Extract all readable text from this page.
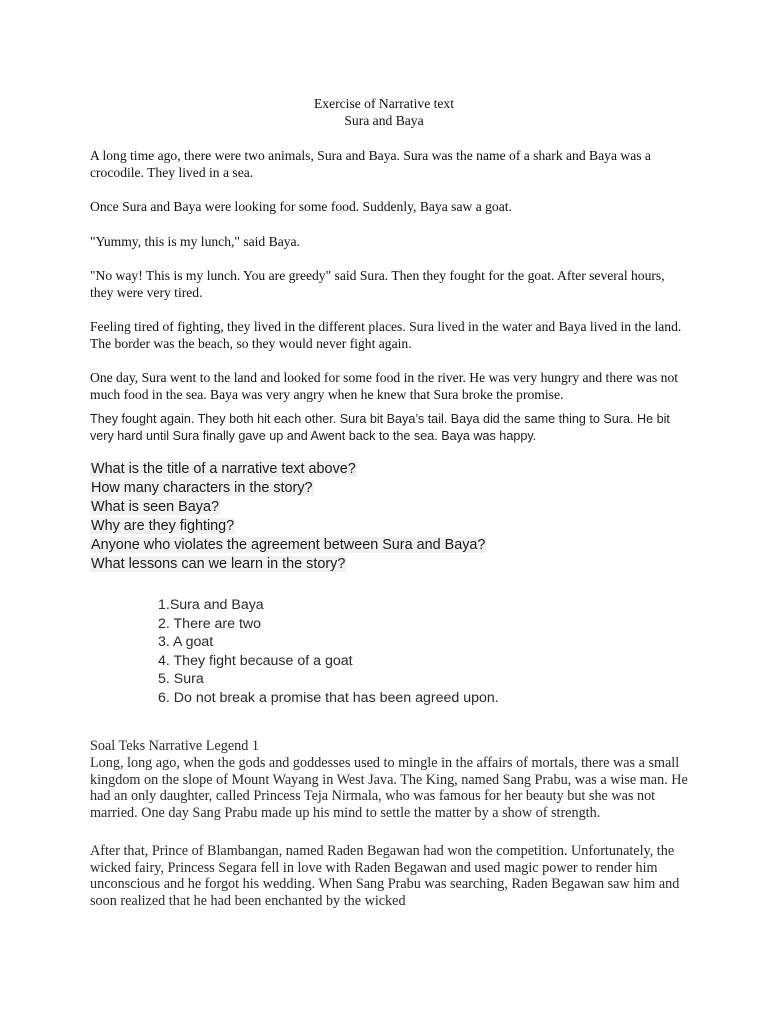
Exercise of Narrative text
Sura and Baya

A long time ago, there were two animals, Sura and Baya. Sura was the name of a shark and Baya was a crocodile. They lived in a sea.

Once Sura and Baya were looking for some food. Suddenly, Baya saw a goat.

"Yummy, this is my lunch," said Baya.

"No way! This is my lunch. You are greedy" said Sura. Then they fought for the goat. After several hours, they were very tired.

Feeling tired of fighting, they lived in the different places. Sura lived in the water and Baya lived in the land. The border was the beach, so they would never fight again.

One day, Sura went to the land and looked for some food in the river. He was very hungry and there was not much food in the sea. Baya was very angry when he knew that Sura broke the promise.

They fought again. They both hit each other. Sura bit Baya’s tail. Baya did the same thing to Sura. He bit very hard until Sura finally gave up and Awent back to the sea. Baya was happy.

What is the title of a narrative text above?
How many characters in the story?
What is seen Baya?
Why are they fighting?
Anyone who violates the agreement between Sura and Baya?
What lessons can we learn in the story?
1.Sura and Baya
2. There are two
3. A goat
4. They fight because of a goat
5. Sura
6. Do not break a promise that has been agreed upon.

Soal Teks Narrative Legend 1

Long, long ago, when the gods and goddesses used to mingle in the affairs of mortals, there was a small kingdom on the slope of Mount Wayang in West Java. The King, named Sang Prabu, was a wise man. He had an only daughter, called Princess Teja Nirmala, who was famous for her beauty but she was not married. One day Sang Prabu made up his mind to settle the matter by a show of strength.

After that, Prince of Blambangan, named Raden Begawan had won the competition. Unfortunately, the wicked fairy, Princess Segara fell in love with Raden Begawan and used magic power to render him unconscious and he forgot his wedding. When Sang Prabu was searching, Raden Begawan saw him and soon realized that he had been enchanted by the wicked
